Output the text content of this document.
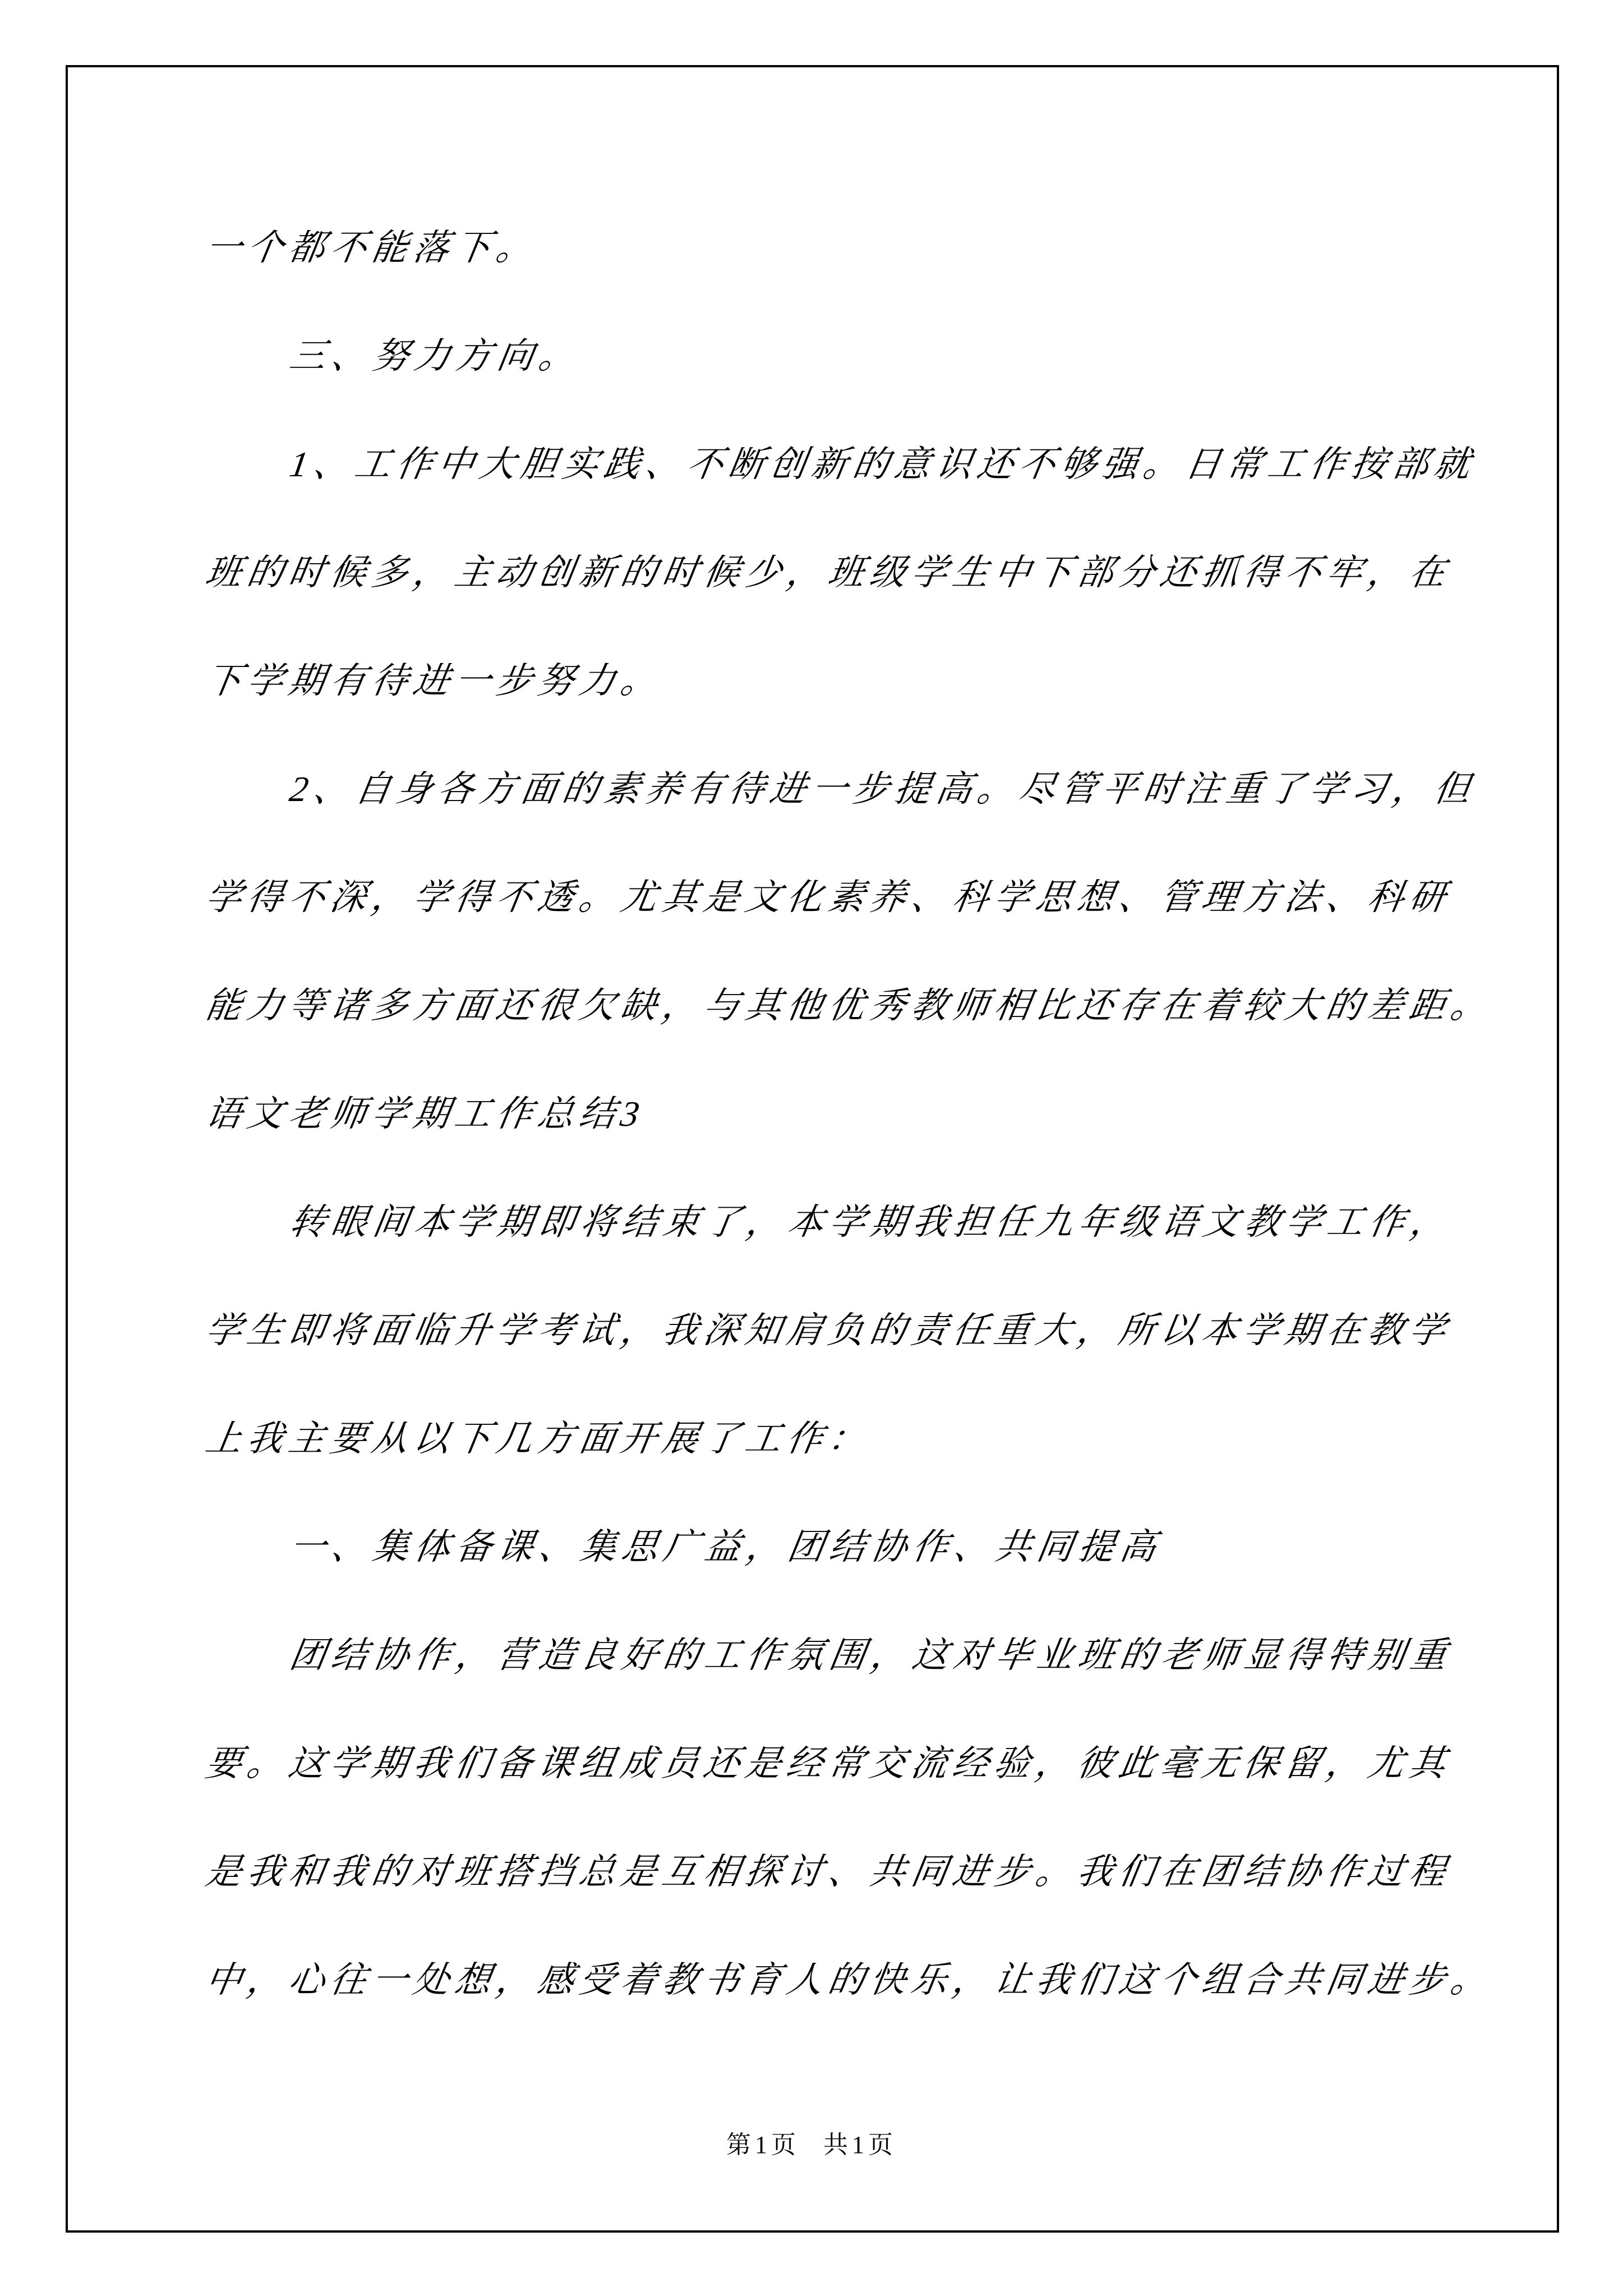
一个都不能落下。
三、努力方向。
1、工作中大胆实践、不断创新的意识还不够强。日常工作按部就
班的时候多，主动创新的时候少，班级学生中下部分还抓得不牢，在
下学期有待进一步努力。
2、自身各方面的素养有待进一步提高。尽管平时注重了学习，但
学得不深，学得不透。尤其是文化素养、科学思想、管理方法、科研
能力等诸多方面还很欠缺，与其他优秀教师相比还存在着较大的差距。
语文老师学期工作总结3
转眼间本学期即将结束了，本学期我担任九年级语文教学工作，
学生即将面临升学考试，我深知肩负的责任重大，所以本学期在教学
上我主要从以下几方面开展了工作：
一、集体备课、集思广益，团结协作、共同提高
团结协作，营造良好的工作氛围，这对毕业班的老师显得特别重
要。这学期我们备课组成员还是经常交流经验，彼此毫无保留，尤其
是我和我的对班搭挡总是互相探讨、共同进步。我们在团结协作过程
中，心往一处想，感受着教书育人的快乐，让我们这个组合共同进步。
第1页 共1页
